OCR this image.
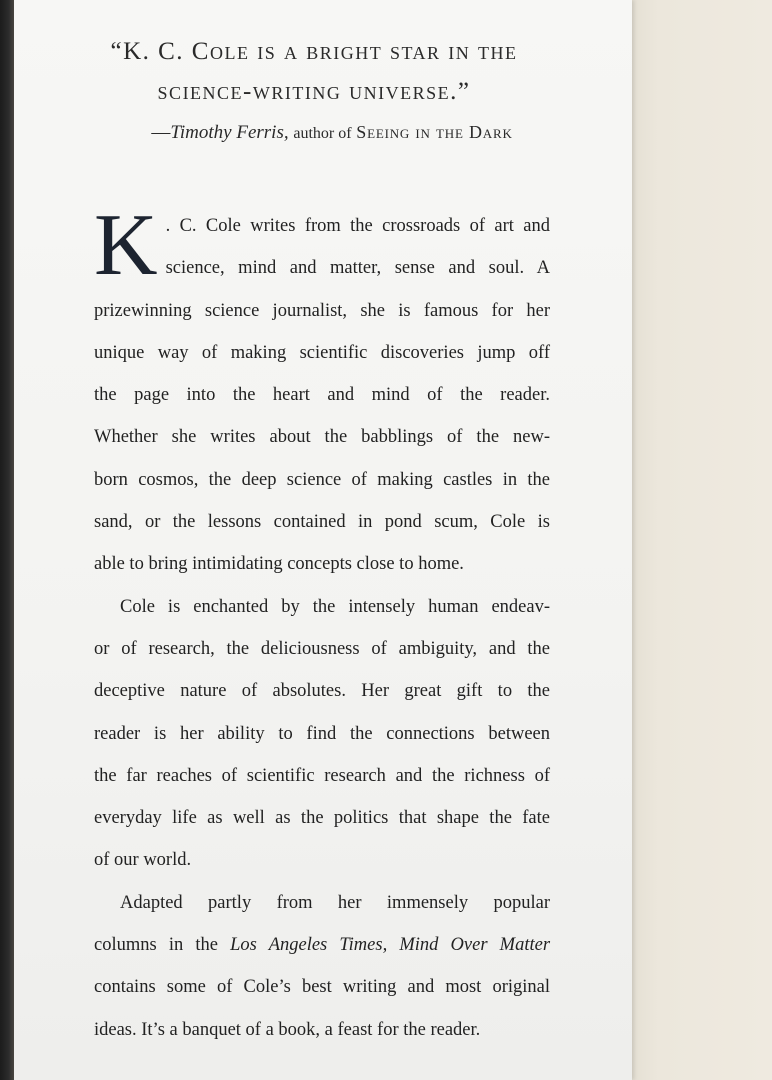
“K. C. Cole is a bright star in the

science-writing universe.”

—Timothy Ferris, author of Seeing in the Dark

K . C. Cole writes from the crossroads of art and
science, mind and matter, sense and soul. A
prizewinning science journalist, she is famous for her
unique way of making scientific discoveries jump off
the page into the heart and mind of the reader.
Whether she writes about the babblings of the new-
born cosmos, the deep science of making castles in the
sand, or the lessons contained in pond scum, Cole is
able to bring intimidating concepts close to home.
Cole is enchanted by the intensely human endeav-
or of research, the deliciousness of ambiguity, and the
deceptive nature of absolutes. Her great gift to the
reader is her ability to find the connections between
the far reaches of scientific research and the richness of
everyday life as well as the politics that shape the fate
of our world.
Adapted partly from her immensely popular
columns in the Los Angeles Times, Mind Over Matter
contains some of Cole’s best writing and most original
ideas. It’s a banquet of a book, a feast for the reader.
